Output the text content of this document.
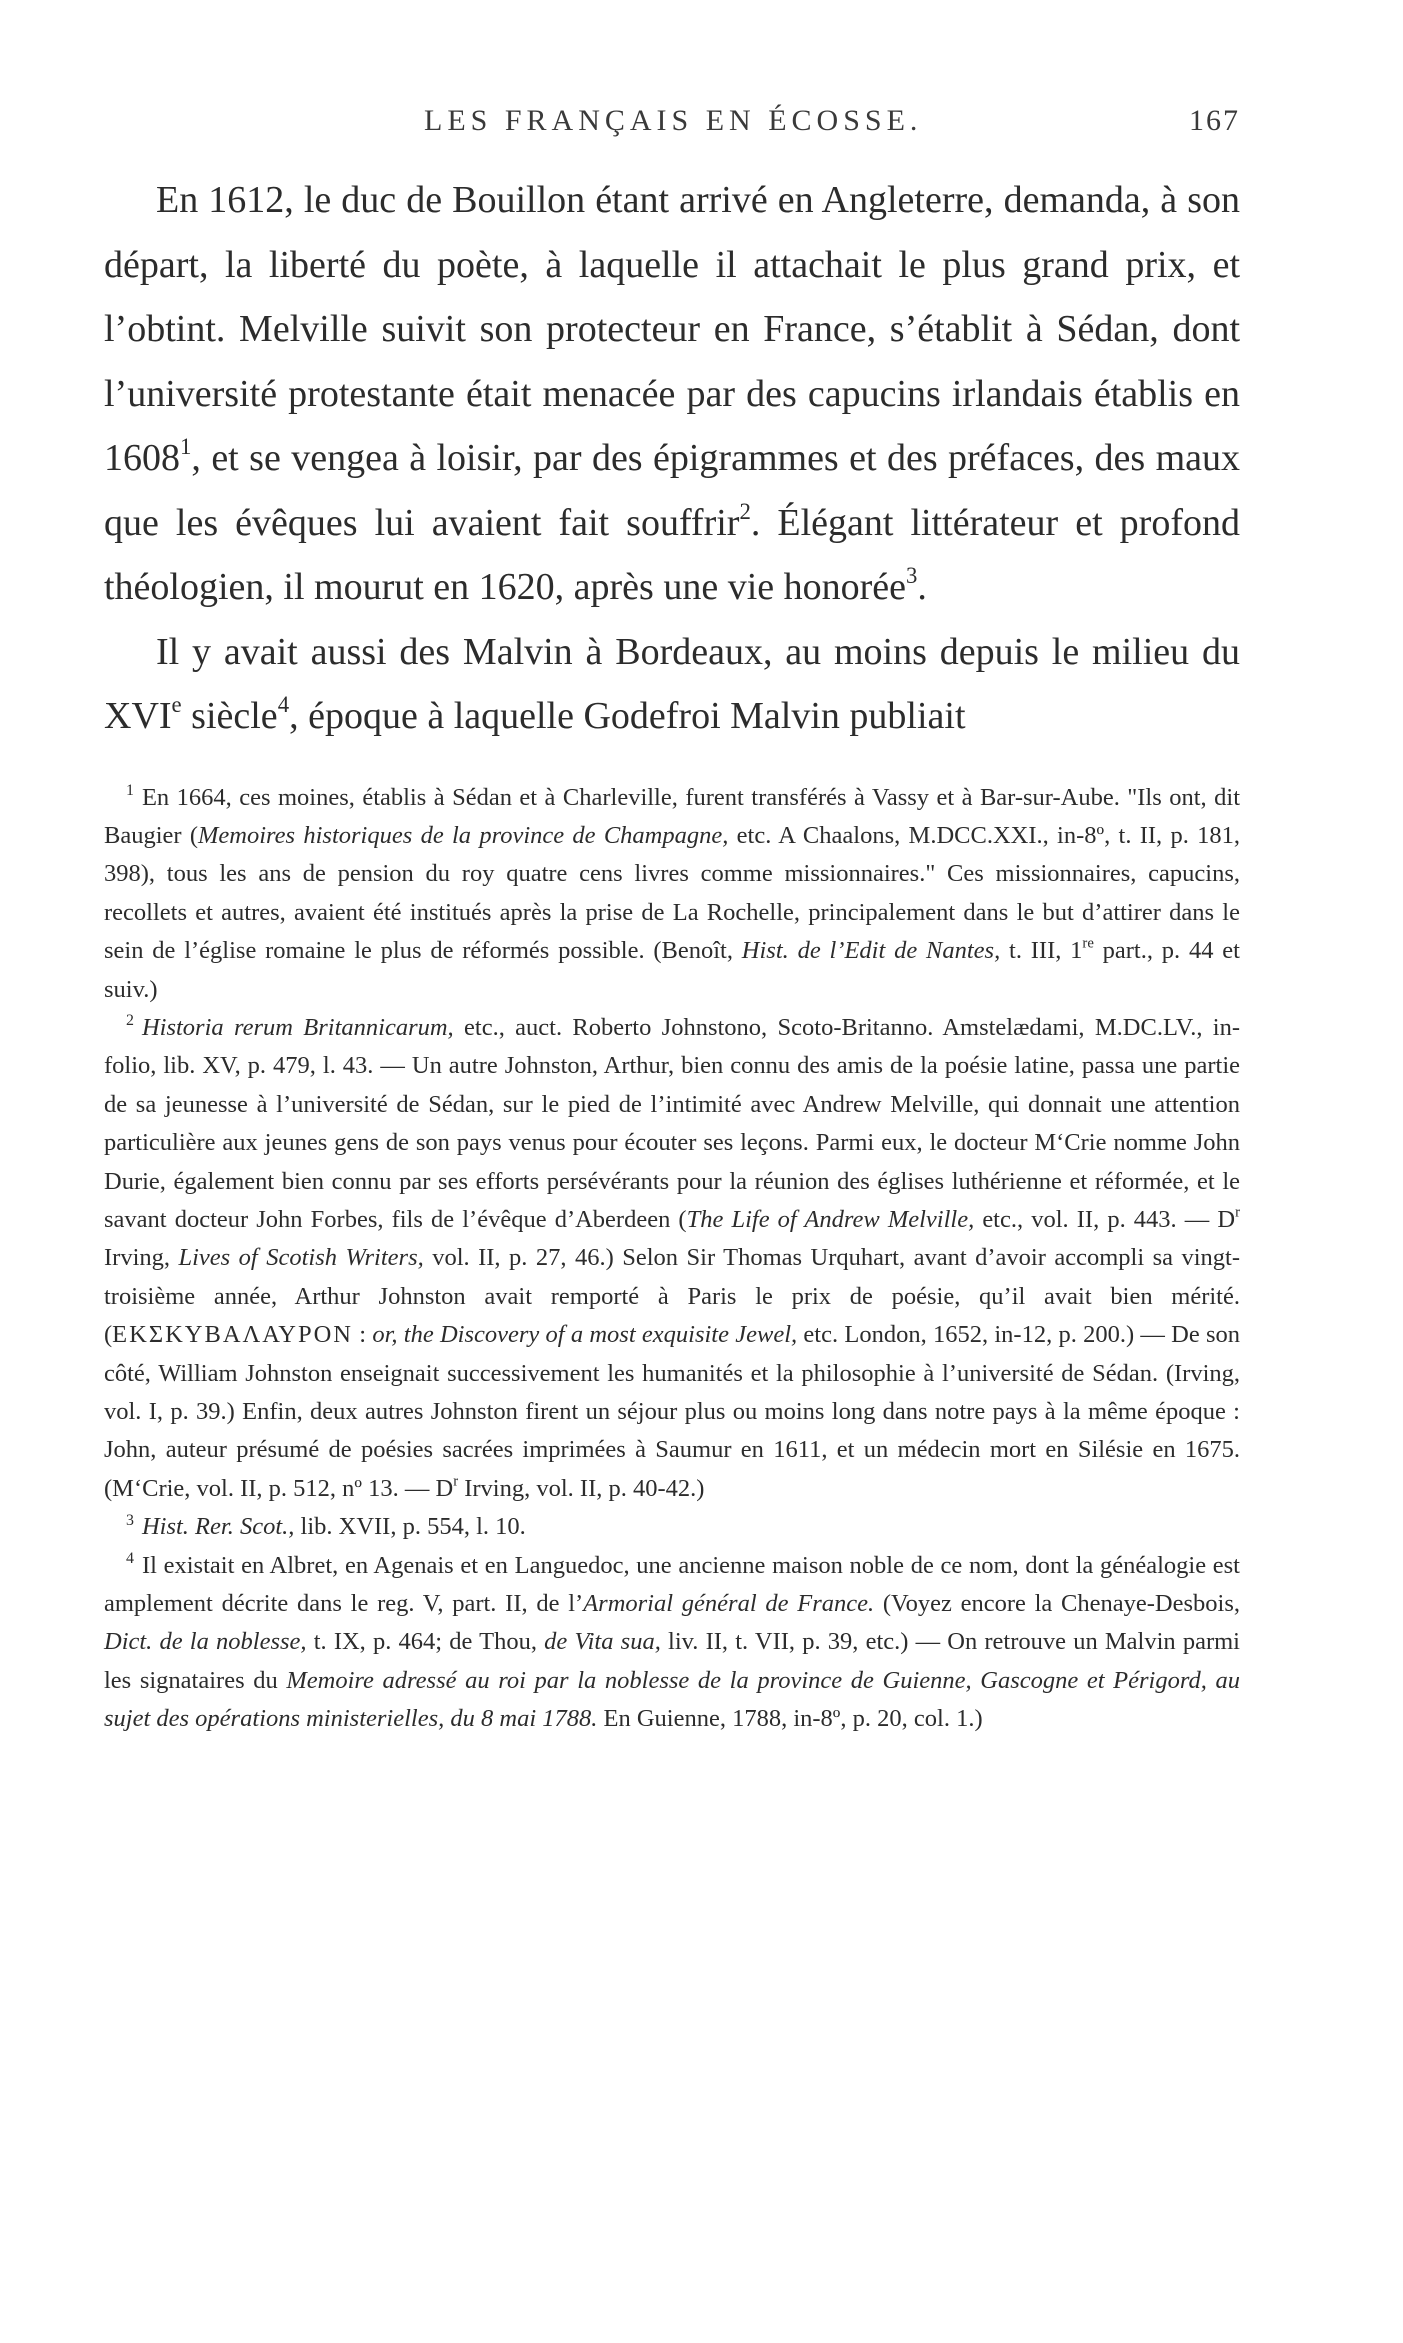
LES FRANÇAIS EN ÉCOSSE.	167

En 1612, le duc de Bouillon étant arrivé en Angleterre, demanda, à son départ, la liberté du poète, à laquelle il attachait le plus grand prix, et l’obtint. Melville suivit son protecteur en France, s’établit à Sédan, dont l’université protestante était menacée par des capucins irlandais établis en 1608$^1$, et se vengea à loisir, par des épigrammes et des préfaces, des maux que les évêques lui avaient fait souffrir$^2$. Élégant littérateur et profond théologien, il mourut en 1620, après une vie honorée$^3$.

Il y avait aussi des Malvin à Bordeaux, au moins depuis le milieu du XVIe siècle$^4$, époque à laquelle Godefroi Malvin publiait

$^1$ En 1664, ces moines, établis à Sédan et à Charleville, furent transférés à Vassy et à Bar-sur-Aube. "Ils ont, dit Baugier (Memoires historiques de la province de Champagne, etc. A Chaalons, M.DCC.XXI., in-8º, t. II, p. 181, 398), tous les ans de pension du roy quatre cens livres comme missionnaires." Ces missionnaires, capucins, recollets et autres, avaient été institués après la prise de La Rochelle, principalement dans le but d’attirer dans le sein de l’église romaine le plus de réformés possible. (Benoît, Hist. de l’Edit de Nantes, t. III, 1re part., p. 44 et suiv.)

$^2$ Historia rerum Britannicarum, etc., auct. Roberto Johnstono, Scoto-Britanno. Amstelædami, M.DC.LV., in-folio, lib. XV, p. 479, l. 43. — Un autre Johnston, Arthur, bien connu des amis de la poésie latine, passa une partie de sa jeunesse à l’université de Sédan, sur le pied de l’intimité avec Andrew Melville, qui donnait une attention particulière aux jeunes gens de son pays venus pour écouter ses leçons. Parmi eux, le docteur M‘Crie nomme John Durie, également bien connu par ses efforts persévérants pour la réunion des églises luthérienne et réformée, et le savant docteur John Forbes, fils de l’évêque d’Aberdeen (The Life of Andrew Melville, etc., vol. II, p. 443. — $D^r$ Irving, Lives of Scotish Writers, vol. II, p. 27, 46.) Selon Sir Thomas Urquhart, avant d’avoir accompli sa vingt-troisième année, Arthur Johnston avait remporté à Paris le prix de poésie, qu’il avait bien mérité. (ΕΚΣΚΥΒΑΛΑΥΡΟΝ : or, the Discovery of a most exquisite Jewel, etc. London, 1652, in-12, p. 200.) — De son côté, William Johnston enseignait successivement les humanités et la philosophie à l’université de Sédan. (Irving, vol. I, p. 39.) Enfin, deux autres Johnston firent un séjour plus ou moins long dans notre pays à la même époque : John, auteur présumé de poésies sacrées imprimées à Saumur en 1611, et un médecin mort en Silésie en 1675. (M‘Crie, vol. II, p. 512, nº 13. — $D^r$ Irving, vol. II, p. 40-42.)

$^3$ Hist. Rer. Scot., lib. XVII, p. 554, l. 10.

$^4$ Il existait en Albret, en Agenais et en Languedoc, une ancienne maison noble de ce nom, dont la généalogie est amplement décrite dans le reg. V, part. II, de l’Armorial général de France. (Voyez encore la Chenaye-Desbois, Dict. de la noblesse, t. IX, p. 464; de Thou, de Vita sua, liv. II, t. VII, p. 39, etc.) — On retrouve un Malvin parmi les signataires du Memoire adressé au roi par la noblesse de la province de Guienne, Gascogne et Périgord, au sujet des opérations ministerielles, du 8 mai 1788. En Guienne, 1788, in-8º, p. 20, col. 1.)
